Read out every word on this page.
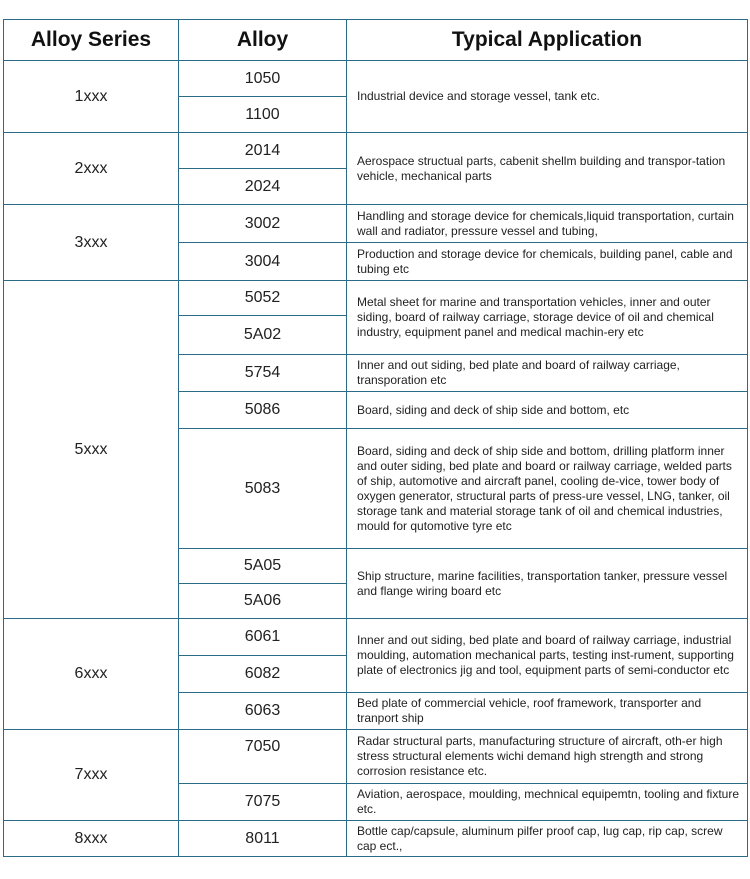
Alloy Series	Alloy	Typical Application
1xxx	1050	Industrial device and storage vessel, tank etc.
	1100	
2xxx	2014	Aerospace structual parts, cabenit shellm building and transpor-tation vehicle, mechanical parts
	2024	
3xxx	3002	Handling and storage device for chemicals,liquid transportation, curtain wall and radiator, pressure vessel and tubing,
	3004	Production and storage device for chemicals, building panel, cable and tubing etc
5xxx	5052	Metal sheet for marine and transportation vehicles, inner and outer siding, board of railway carriage, storage device of oil and chemical industry, equipment panel and medical machin-ery etc
	5A02	
	5754	Inner and out siding, bed plate and board of railway carriage, transporation etc
	5086	Board, siding and deck of ship side and bottom, etc
	5083	Board, siding and deck of ship side and bottom, drilling platform inner and outer siding, bed plate and board or railway carriage, welded parts of ship, automotive and aircraft panel, cooling de-vice, tower body of oxygen generator, structural parts of press-ure vessel, LNG, tanker, oil storage tank and material storage tank of oil and chemical industries, mould for qutomotive tyre etc
	5A05	Ship structure, marine facilities, transportation tanker, pressure vessel and flange wiring board etc
	5A06	
6xxx	6061	Inner and out siding, bed plate and board of railway carriage, industrial moulding, automation mechanical parts, testing inst-rument, supporting plate of electronics jig and tool, equipment parts of semi-conductor etc
	6082	
	6063	Bed plate of commercial vehicle, roof framework, transporter and tranport ship
7xxx	7050	Radar structural parts, manufacturing structure of aircraft, oth-er high stress structural elements wichi demand high strength and strong corrosion resistance etc.
	7075	Aviation, aerospace, moulding, mechnical equipemtn, tooling and fixture etc.
8xxx	8011	Bottle cap/capsule, aluminum pilfer proof cap, lug cap, rip cap, screw cap ect.,
